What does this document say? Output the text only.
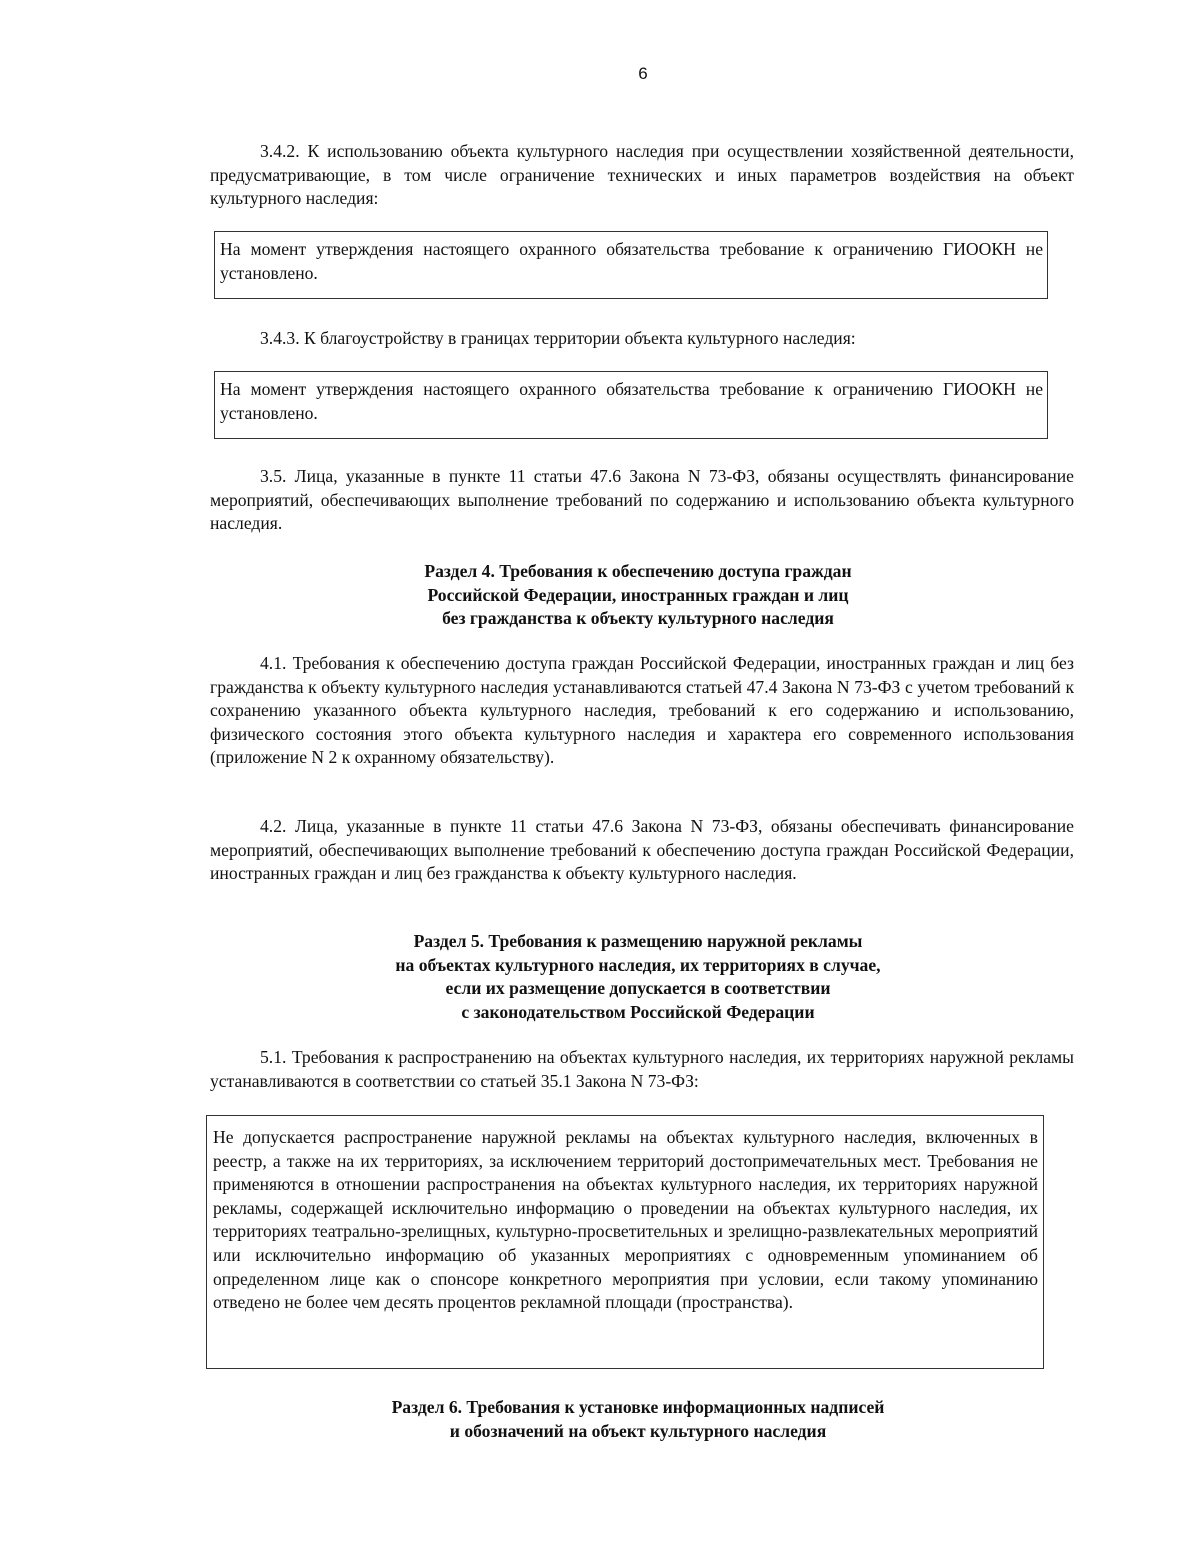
6

3.4.2. К использованию объекта культурного наследия при осуществлении хозяйственной деятельности, предусматривающие, в том числе ограничение технических и иных параметров воздействия на объект культурного наследия:

На момент утверждения настоящего охранного обязательства требование к ограничению ГИООКН не установлено.

3.4.3. К благоустройству в границах территории объекта культурного наследия:

На момент утверждения настоящего охранного обязательства требование к ограничению ГИООКН не установлено.

3.5. Лица, указанные в пункте 11 статьи 47.6 Закона N 73-ФЗ, обязаны осуществлять финансирование мероприятий, обеспечивающих выполнение требований по содержанию и использованию объекта культурного наследия.

Раздел 4. Требования к обеспечению доступа граждан
Российской Федерации, иностранных граждан и лиц
без гражданства к объекту культурного наследия

4.1. Требования к обеспечению доступа граждан Российской Федерации, иностранных граждан и лиц без гражданства к объекту культурного наследия устанавливаются статьей 47.4 Закона N 73-ФЗ с учетом требований к сохранению указанного объекта культурного наследия, требований к его содержанию и использованию, физического состояния этого объекта культурного наследия и характера его современного использования (приложение N 2 к охранному обязательству).

4.2. Лица, указанные в пункте 11 статьи 47.6 Закона N 73-ФЗ, обязаны обеспечивать финансирование мероприятий, обеспечивающих выполнение требований к обеспечению доступа граждан Российской Федерации, иностранных граждан и лиц без гражданства к объекту культурного наследия.

Раздел 5. Требования к размещению наружной рекламы
на объектах культурного наследия, их территориях в случае,
если их размещение допускается в соответствии
с законодательством Российской Федерации

5.1. Требования к распространению на объектах культурного наследия, их территориях наружной рекламы устанавливаются в соответствии со статьей 35.1 Закона N 73-ФЗ:

Не допускается распространение наружной рекламы на объектах культурного наследия, включенных в реестр, а также на их территориях, за исключением территорий достопримечательных мест. Требования не применяются в отношении распространения на объектах культурного наследия, их территориях наружной рекламы, содержащей исключительно информацию о проведении на объектах культурного наследия, их территориях театрально-зрелищных, культурно-просветительных и зрелищно-развлекательных мероприятий или исключительно информацию об указанных мероприятиях с одновременным упоминанием об определенном лице как о спонсоре конкретного мероприятия при условии, если такому упоминанию отведено не более чем десять процентов рекламной площади (пространства).
Раздел 6. Требования к установке информационных надписей
и обозначений на объект культурного наследия
